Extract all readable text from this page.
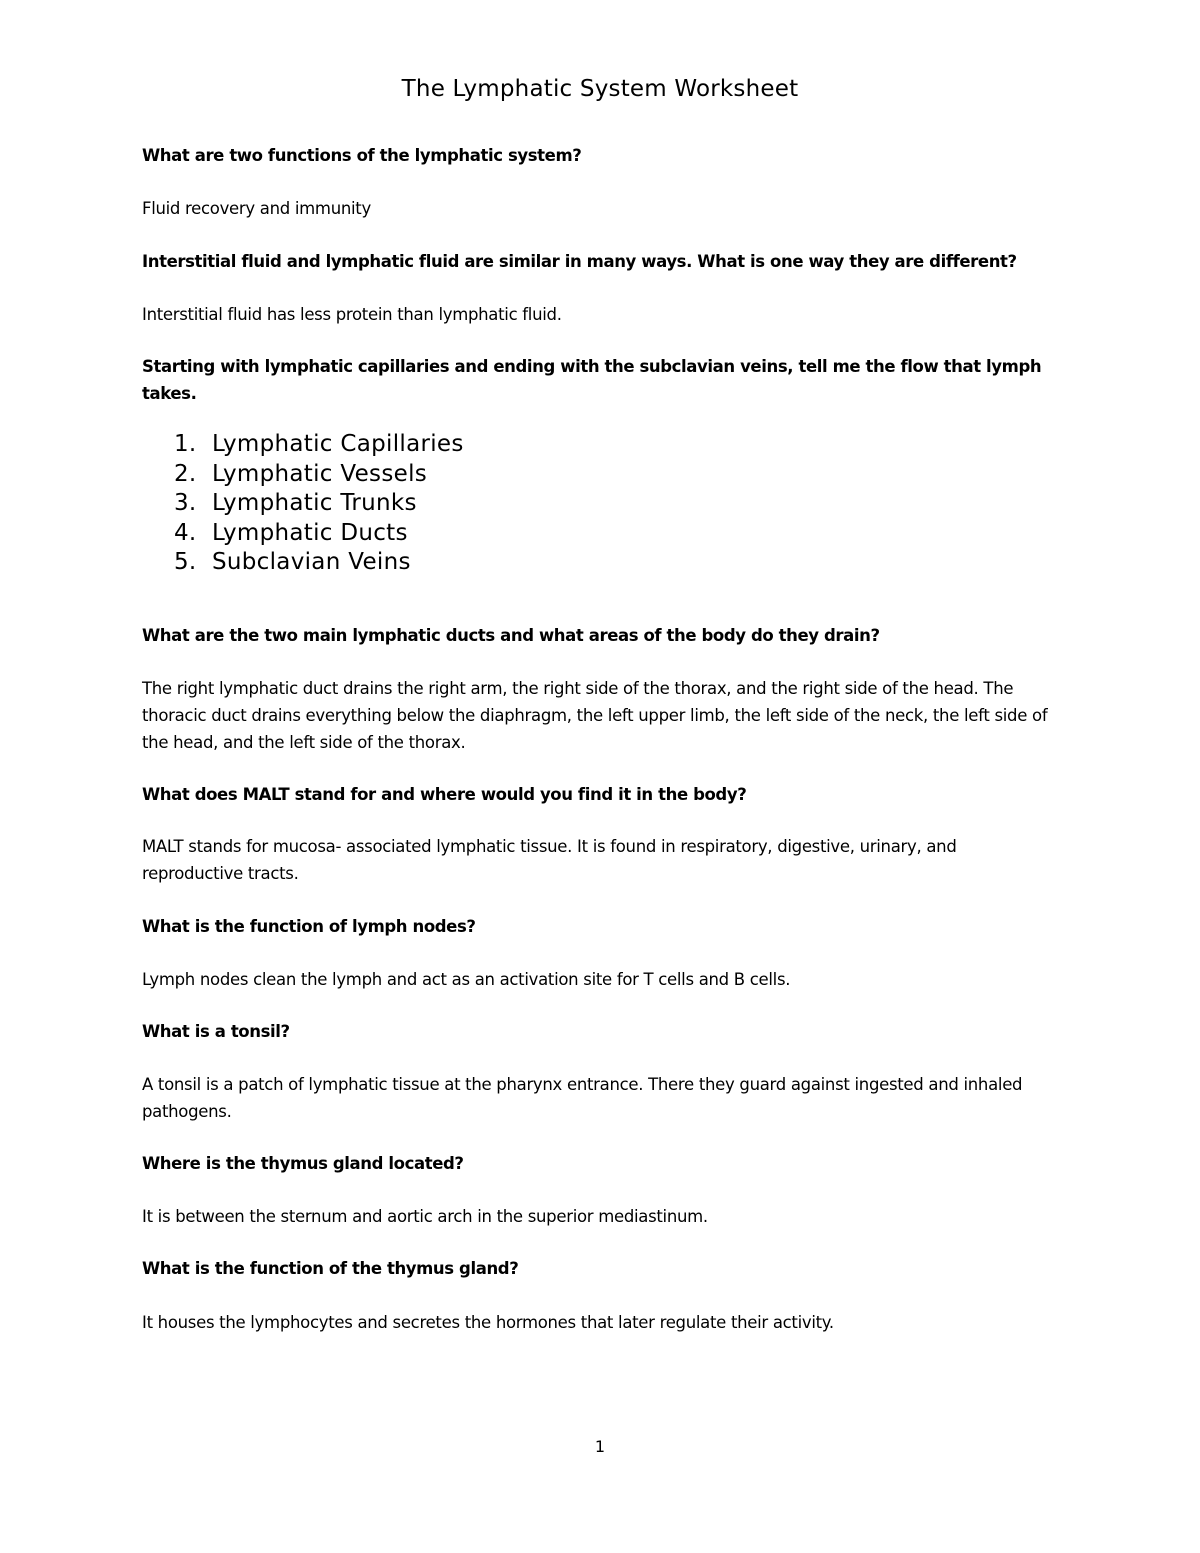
The Lymphatic System Worksheet
What are two functions of the lymphatic system?
Fluid recovery and immunity
Interstitial fluid and lymphatic fluid are similar in many ways. What is one way they are different?
Interstitial fluid has less protein than lymphatic fluid.
Starting with lymphatic capillaries and ending with the subclavian veins, tell me the flow that lymph takes.
1. Lymphatic Capillaries
2. Lymphatic Vessels
3. Lymphatic Trunks
4. Lymphatic Ducts
5. Subclavian Veins
What are the two main lymphatic ducts and what areas of the body do they drain?
The right lymphatic duct drains the right arm, the right side of the thorax, and the right side of the head. The thoracic duct drains everything below the diaphragm, the left upper limb, the left side of the neck, the left side of the head, and the left side of the thorax.
What does MALT stand for and where would you find it in the body?
MALT stands for mucosa- associated lymphatic tissue. It is found in respiratory, digestive, urinary, and reproductive tracts.
What is the function of lymph nodes?
Lymph nodes clean the lymph and act as an activation site for T cells and B cells.
What is a tonsil?
A tonsil is a patch of lymphatic tissue at the pharynx entrance. There they guard against ingested and inhaled pathogens.
Where is the thymus gland located?
It is between the sternum and aortic arch in the superior mediastinum.
What is the function of the thymus gland?
It houses the lymphocytes and secretes the hormones that later regulate their activity.
1
